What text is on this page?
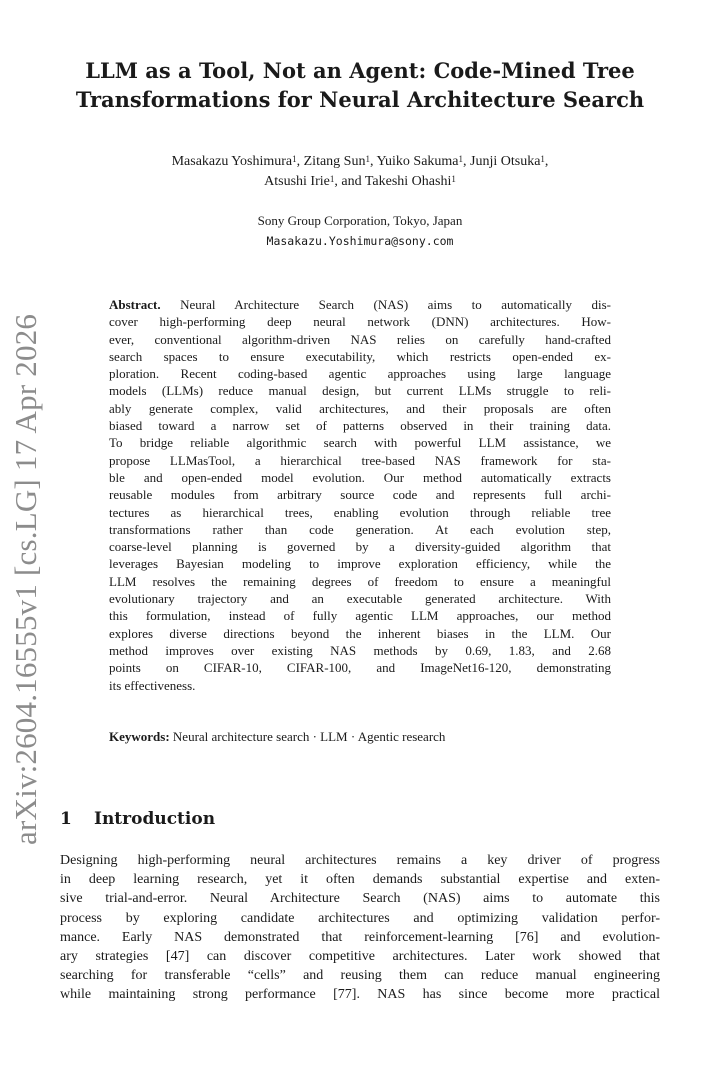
arXiv:2604.16555v1 [cs.LG] 17 Apr 2026
LLM as a Tool, Not an Agent: Code-Mined Tree
Transformations for Neural Architecture Search
Masakazu Yoshimura$^1$, Zitang Sun$^1$, Yuiko Sakuma$^1$, Junji Otsuka$^1$,
Atsushi Irie$^1$, and Takeshi Ohashi$^1$
Sony Group Corporation, Tokyo, Japan
Masakazu.Yoshimura@sony.com
Abstract. Neural Architecture Search (NAS) aims to automatically dis-
cover high-performing deep neural network (DNN) architectures. How-
ever, conventional algorithm-driven NAS relies on carefully hand-crafted
search spaces to ensure executability, which restricts open-ended ex-
ploration. Recent coding-based agentic approaches using large language
models (LLMs) reduce manual design, but current LLMs struggle to reli-
ably generate complex, valid architectures, and their proposals are often
biased toward a narrow set of patterns observed in their training data.
To bridge reliable algorithmic search with powerful LLM assistance, we
propose LLMasTool, a hierarchical tree-based NAS framework for sta-
ble and open-ended model evolution. Our method automatically extracts
reusable modules from arbitrary source code and represents full archi-
tectures as hierarchical trees, enabling evolution through reliable tree
transformations rather than code generation. At each evolution step,
coarse-level planning is governed by a diversity-guided algorithm that
leverages Bayesian modeling to improve exploration efficiency, while the
LLM resolves the remaining degrees of freedom to ensure a meaningful
evolutionary trajectory and an executable generated architecture. With
this formulation, instead of fully agentic LLM approaches, our method
explores diverse directions beyond the inherent biases in the LLM. Our
method improves over existing NAS methods by 0.69, 1.83, and 2.68
points on CIFAR-10, CIFAR-100, and ImageNet16-120, demonstrating
its effectiveness.
Keywords: Neural architecture search · LLM · Agentic research
1 Introduction
Designing high-performing neural architectures remains a key driver of progress
in deep learning research, yet it often demands substantial expertise and exten-
sive trial-and-error. Neural Architecture Search (NAS) aims to automate this
process by exploring candidate architectures and optimizing validation perfor-
mance. Early NAS demonstrated that reinforcement-learning [76] and evolution-
ary strategies [47] can discover competitive architectures. Later work showed that
searching for transferable “cells” and reusing them can reduce manual engineering
while maintaining strong performance [77]. NAS has since become more practical
